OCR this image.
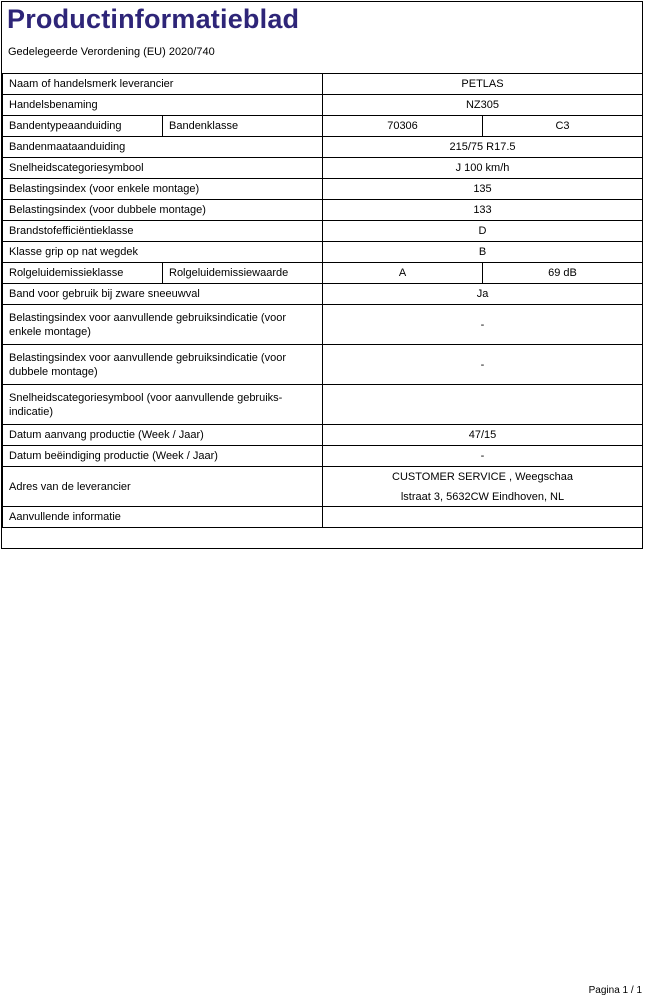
Productinformatieblad
Gedelegeerde Verordening (EU) 2020/740
Naam of handelsmerk leverancier		PETLAS	
Handelsbenaming		NZ305	
Bandentypeaanduiding	Bandenklasse	70306	C3
Bandenmaataanduiding		215/75 R17.5	
Snelheidscategoriesymbool		J 100 km/h	
Belastingsindex (voor enkele montage)		135	
Belastingsindex (voor dubbele montage)		133	
Brandstofefficiëntieklasse		D	
Klasse grip op nat wegdek		B	
Rolgeluidemissieklasse	Rolgeluidemissiewaarde	A	69 dB
Band voor gebruik bij zware sneeuwval		Ja	
Belastingsindex voor aanvullende gebruiksindicatie (voor enkele montage)		-	
Belastingsindex voor aanvullende gebruiksindicatie (voor dubbele montage)		-	
Snelheidscategoriesymbool (voor aanvullende gebruiks-indicatie)			
Datum aanvang productie (Week / Jaar)		47/15	
Datum beëindiging productie (Week / Jaar)		-	
Adres van de leverancier		CUSTOMER SERVICE , Weegschaa
lstraat 3, 5632CW Eindhoven, NL	

Aanvullende informatie			
Pagina 1 / 1
